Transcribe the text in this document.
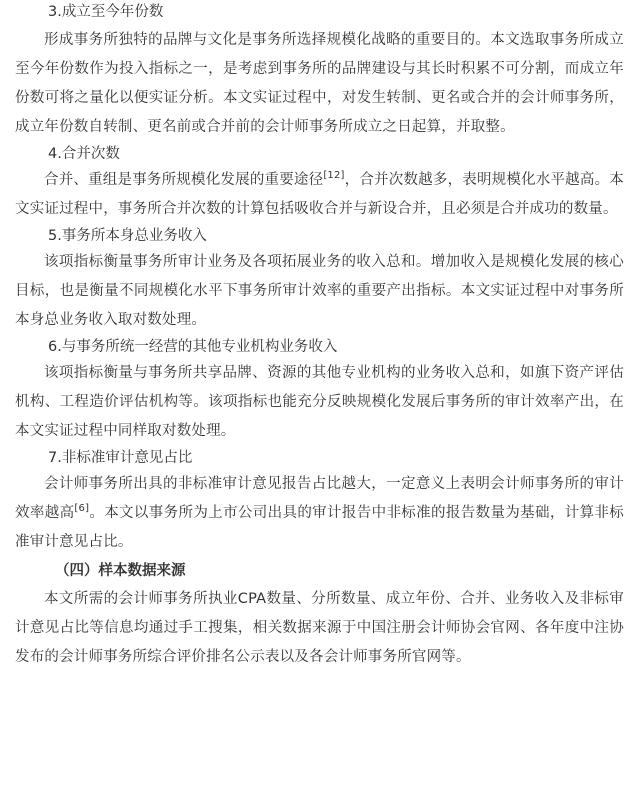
3.成立至今年份数

形成事务所独特的品牌与文化是事务所选择规模化战略的重要目的。本文选取事务所成立至今年份数作为投入指标之一，是考虑到事务所的品牌建设与其长时积累不可分割，而成立年份数可将之量化以便实证分析。本文实证过程中，对发生转制、更名或合并的会计师事务所，成立年份数自转制、更名前或合并前的会计师事务所成立之日起算，并取整。

4.合并次数

合并、重组是事务所规模化发展的重要途径[12]，合并次数越多，表明规模化水平越高。本文实证过程中，事务所合并次数的计算包括吸收合并与新设合并，且必须是合并成功的数量。

5.事务所本身总业务收入

该项指标衡量事务所审计业务及各项拓展业务的收入总和。增加收入是规模化发展的核心目标，也是衡量不同规模化水平下事务所审计效率的重要产出指标。本文实证过程中对事务所本身总业务收入取对数处理。

6.与事务所统一经营的其他专业机构业务收入

该项指标衡量与事务所共享品牌、资源的其他专业机构的业务收入总和，如旗下资产评估机构、工程造价评估机构等。该项指标也能充分反映规模化发展后事务所的审计效率产出，在本文实证过程中同样取对数处理。

7.非标准审计意见占比

会计师事务所出具的非标准审计意见报告占比越大，一定意义上表明会计师事务所的审计效率越高[6]。本文以事务所为上市公司出具的审计报告中非标准的报告数量为基础，计算非标准审计意见占比。

（四）样本数据来源

本文所需的会计师事务所执业CPA数量、分所数量、成立年份、合并、业务收入及非标审计意见占比等信息均通过手工搜集，相关数据来源于中国注册会计师协会官网、各年度中注协发布的会计师事务所综合评价排名公示表以及各会计师事务所官网等。
